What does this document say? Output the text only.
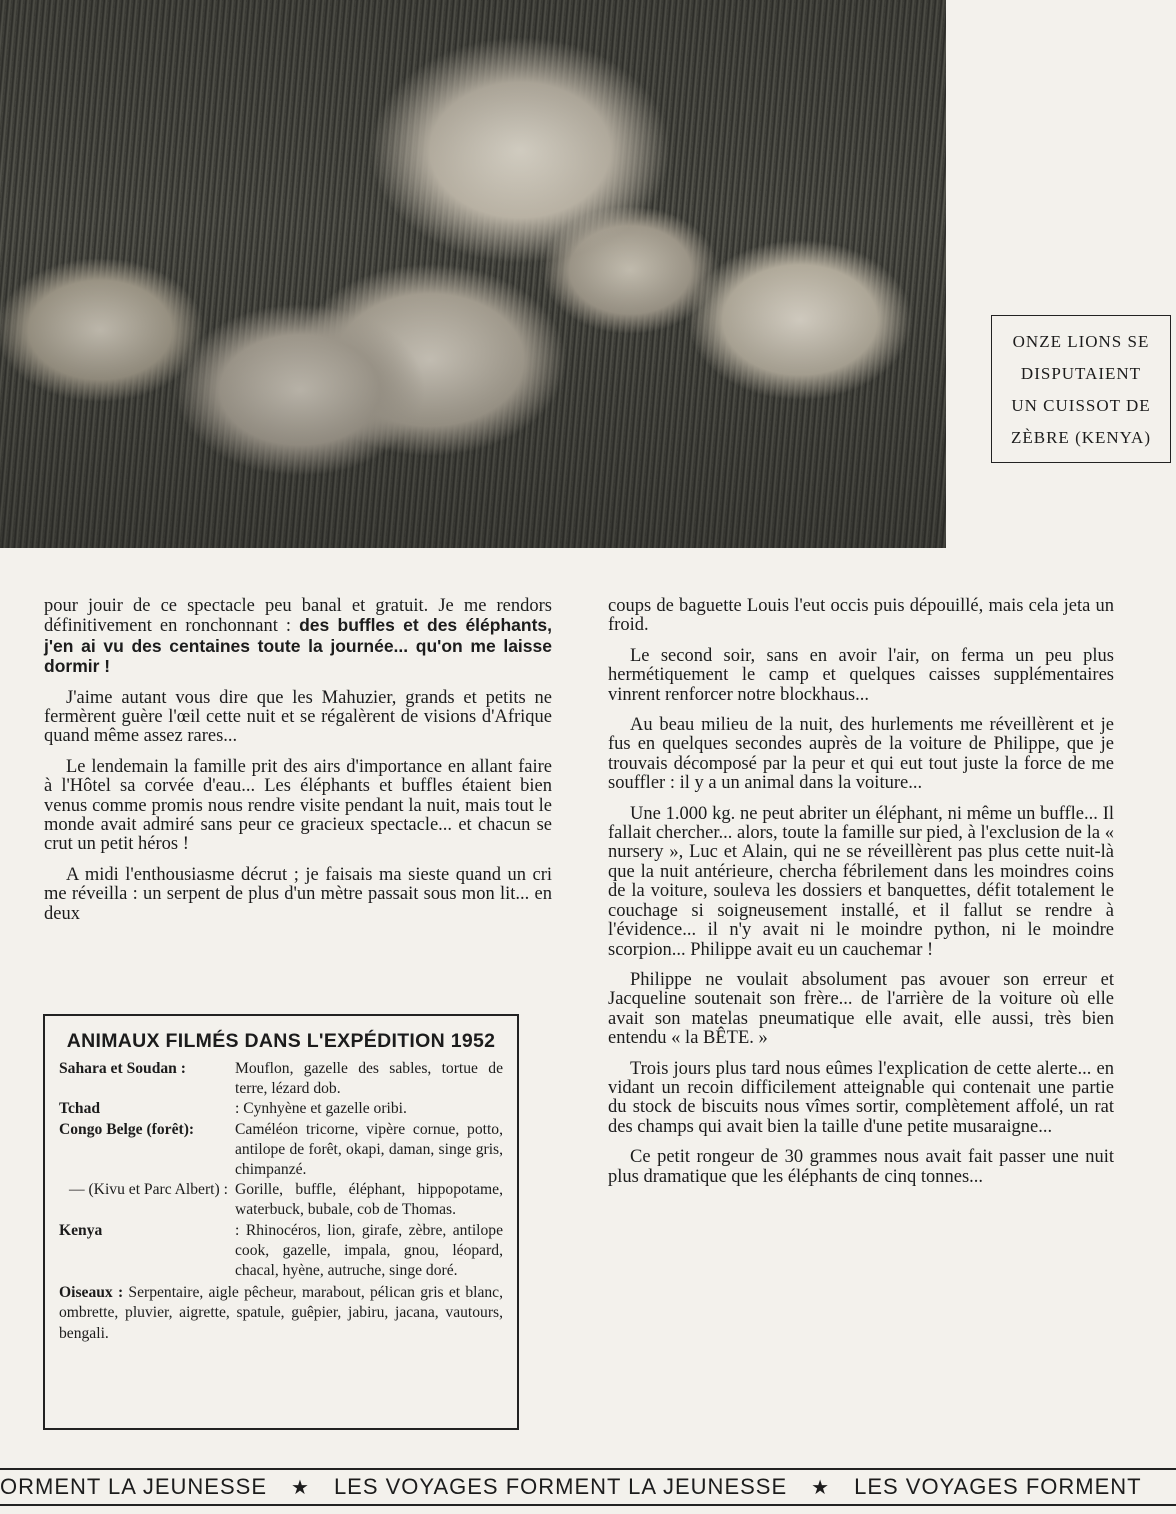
ONZE LIONS SE
DISPUTAIENT
UN CUISSOT DE
ZÈBRE (KENYA)

pour jouir de ce spectacle peu banal et gratuit. Je me rendors définitivement en ronchonnant : des buffles et des éléphants, j'en ai vu des centaines toute la journée... qu'on me laisse dormir !

J'aime autant vous dire que les Mahuzier, grands et petits ne fermèrent guère l'œil cette nuit et se régalèrent de visions d'Afrique quand même assez rares...

Le lendemain la famille prit des airs d'importance en allant faire à l'Hôtel sa corvée d'eau... Les éléphants et buffles étaient bien venus comme promis nous rendre visite pendant la nuit, mais tout le monde avait admiré sans peur ce gracieux spectacle... et chacun se crut un petit héros !

A midi l'enthousiasme décrut ; je faisais ma sieste quand un cri me réveilla : un serpent de plus d'un mètre passait sous mon lit... en deux

ANIMAUX FILMÉS DANS L'EXPÉDITION 1952
Sahara et Soudan :	Mouflon, gazelle des sables, tortue de terre, lézard dob.
Tchad	: Cynhyène et gazelle oribi.
Congo Belge (forêt):	Caméléon tricorne, vipère cornue, potto, antilope de forêt, okapi, daman, singe gris, chimpanzé.
— (Kivu et Parc Albert) : Gorille, buffle, éléphant, hippopotame, waterbuck, bubale, cob de Thomas.
Kenya	: Rhinocéros, lion, girafe, zèbre, antilope cook, gazelle, impala, gnou, léopard, chacal, hyène, autruche, singe doré.
Oiseaux : Serpentaire, aigle pêcheur, marabout, pélican gris et blanc, ombrette, pluvier, aigrette, spatule, guêpier, jabiru, jacana, vautours, bengali.

coups de baguette Louis l'eut occis puis dépouillé, mais cela jeta un froid.

Le second soir, sans en avoir l'air, on ferma un peu plus hermétiquement le camp et quelques caisses supplémentaires vinrent renforcer notre blockhaus...

Au beau milieu de la nuit, des hurlements me réveillèrent et je fus en quelques secondes auprès de la voiture de Philippe, que je trouvais décomposé par la peur et qui eut tout juste la force de me souffler : il y a un animal dans la voiture...

Une 1.000 kg. ne peut abriter un éléphant, ni même un buffle... Il fallait chercher... alors, toute la famille sur pied, à l'exclusion de la « nursery », Luc et Alain, qui ne se réveillèrent pas plus cette nuit-là que la nuit antérieure, chercha fébrilement dans les moindres coins de la voiture, souleva les dossiers et banquettes, défit totalement le couchage si soigneusement installé, et il fallut se rendre à l'évidence... il n'y avait ni le moindre python, ni le moindre scorpion... Philippe avait eu un cauchemar !

Philippe ne voulait absolument pas avouer son erreur et Jacqueline soutenait son frère... de l'arrière de la voiture où elle avait son matelas pneumatique elle avait, elle aussi, très bien entendu « la BÊTE. »

Trois jours plus tard nous eûmes l'explication de cette alerte... en vidant un recoin difficilement atteignable qui contenait une partie du stock de biscuits nous vîmes sortir, complètement affolé, un rat des champs qui avait bien la taille d'une petite musaraigne...

Ce petit rongeur de 30 grammes nous avait fait passer une nuit plus dramatique que les éléphants de cinq tonnes...

ORMENT LA JEUNESSE ★ LES VOYAGES FORMENT LA JEUNESSE ★ LES VOYAGES FORMENT
